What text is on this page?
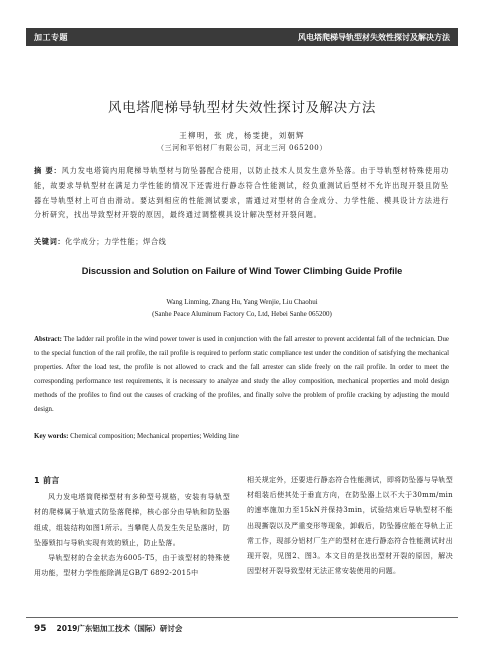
加工专题	风电塔爬梯导轨型材失效性探讨及解决方法
风电塔爬梯导轨型材失效性探讨及解决方法
王柳明，张 虎，杨雯捷，刘朝辉
（三河和平铝材厂有限公司，河北三河 065200）
摘 要：风力发电塔筒内用爬梯导轨型材与防坠器配合使用，以防止技术人员发生意外坠落。由于导轨型材特殊使用功能，故要求导轨型材在满足力学性能的情况下还需进行静态符合性能测试，经负重测试后型材不允许出现开裂且防坠器在导轨型材上可自由滑动。要达到相应的性能测试要求，需通过对型材的合金成分、力学性能、模具设计方法进行分析研究，找出导致型材开裂的原因，最终通过调整模具设计解决型材开裂问题。
关键词：化学成分；力学性能；焊合线
Discussion and Solution on Failure of Wind Tower Climbing Guide Profile
Wang Linming, Zhang Hu, Yang Wenjie, Liu Chaohui
(Sanhe Peace Aluminum Factory Co, Ltd, Hebei Sanhe 065200)
Abstract: The ladder rail profile in the wind power tower is used in conjunction with the fall arrester to prevent accidental fall of the technician. Due to the special function of the rail profile, the rail profile is required to perform static compliance test under the condition of satisfying the mechanical properties. After the load test, the profile is not allowed to crack and the fall arrester can slide freely on the rail profile. In order to meet the corresponding performance test requirements, it is necessary to analyze and study the alloy composition, mechanical properties and mold design methods of the profiles to find out the causes of cracking of the profiles, and finally solve the problem of profile cracking by adjusting the mould design.
Key words: Chemical composition; Mechanical properties; Welding line
1 前言

风力发电塔筒爬梯型材有多种型号规格，安装有导轨型材的爬梯属于轨道式防坠落爬梯，核心部分由导轨和防坠器组成，组装结构如图1所示。当攀爬人员发生失足坠落时，防坠器锁扣与导轨实现有效的锁止，防止坠落。

导轨型材的合金状态为6005-T5，由于该型材的特殊使用功能，型材力学性能除满足GB/T 6892-2015中

相关规定外，还要进行静态符合性能测试，即将防坠器与导轨型材组装后使其处于垂直方向，在防坠器上以不大于30mm/min的速率施加力至15kN并保持3min，试验结束后导轨型材不能出现撕裂以及严重变形等现象，卸载后，防坠器应能在导轨上正常工作，现部分铝材厂生产的型材在进行静态符合性能测试时出现开裂，见图2、图3。本文目的是找出型材开裂的原因，解决因型材开裂导致型材无法正常安装使用的问题。

95 2019广东铝加工技术（国际）研讨会
